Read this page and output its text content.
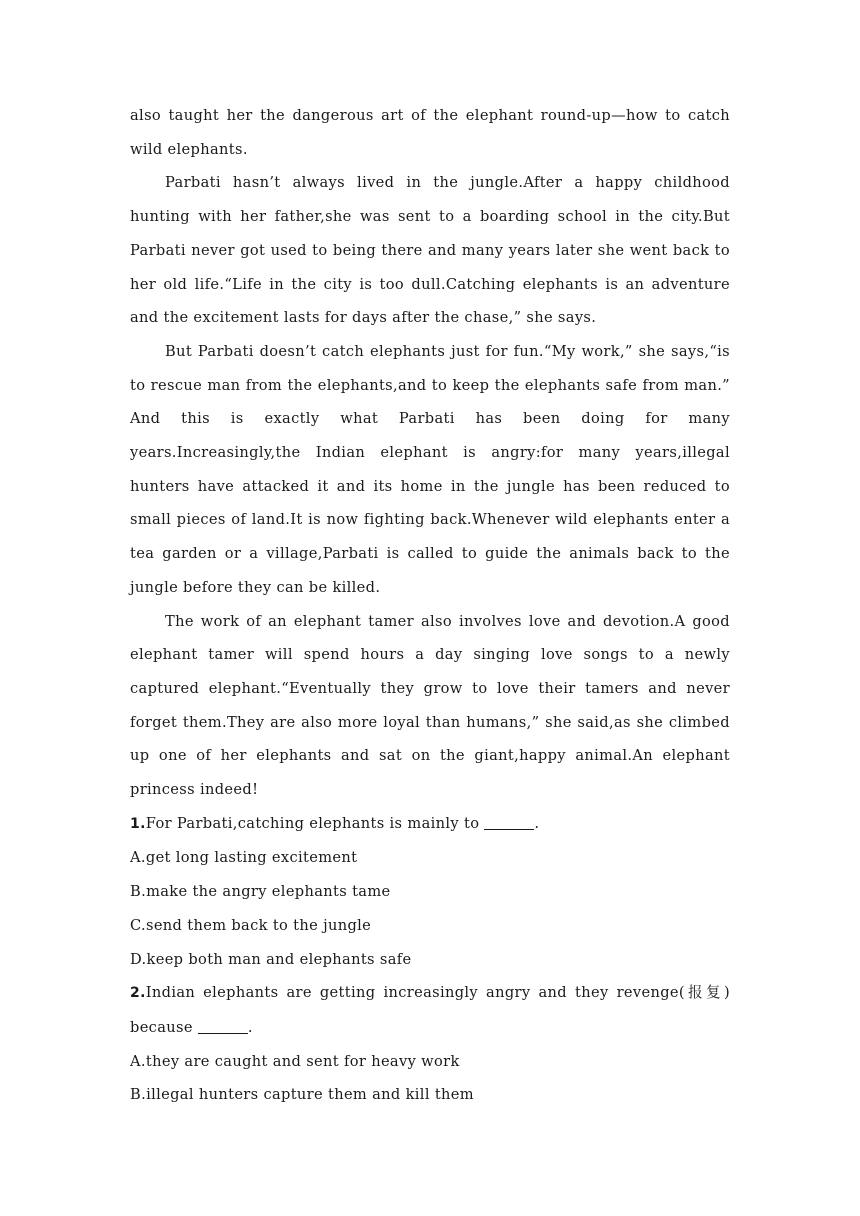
also taught her the dangerous art of the elephant round-up—how to catch wild elephants.

Parbati hasn’t always lived in the jungle.After a happy childhood hunting with her father,she was sent to a boarding school in the city.But Parbati never got used to being there and many years later she went back to her old life.“Life in the city is too dull.Catching elephants is an adventure and the excitement lasts for days after the chase,” she says.

But Parbati doesn’t catch elephants just for fun.“My work,” she says,“is to rescue man from the elephants,and to keep the elephants safe from man.” And this is exactly what Parbati has been doing for many years.Increasingly,the Indian elephant is angry:for many years,illegal hunters have attacked it and its home in the jungle has been reduced to small pieces of land.It is now fighting back.Whenever wild elephants enter a tea garden or a village,Parbati is called to guide the animals back to the jungle before they can be killed.

The work of an elephant tamer also involves love and devotion.A good elephant tamer will spend hours a day singing love songs to a newly captured elephant.“Eventually they grow to love their tamers and never forget them.They are also more loyal than humans,” she said,as she climbed up one of her elephants and sat on the giant,happy animal.An elephant princess indeed!

1.For Parbati,catching elephants is mainly to	.

A.get long lasting excitement

B.make the angry elephants tame

C.send them back to the jungle

D.keep both man and elephants safe

2.Indian elephants are getting increasingly angry and they revenge(报复) because	.

A.they are caught and sent for heavy work

B.illegal hunters capture them and kill them
